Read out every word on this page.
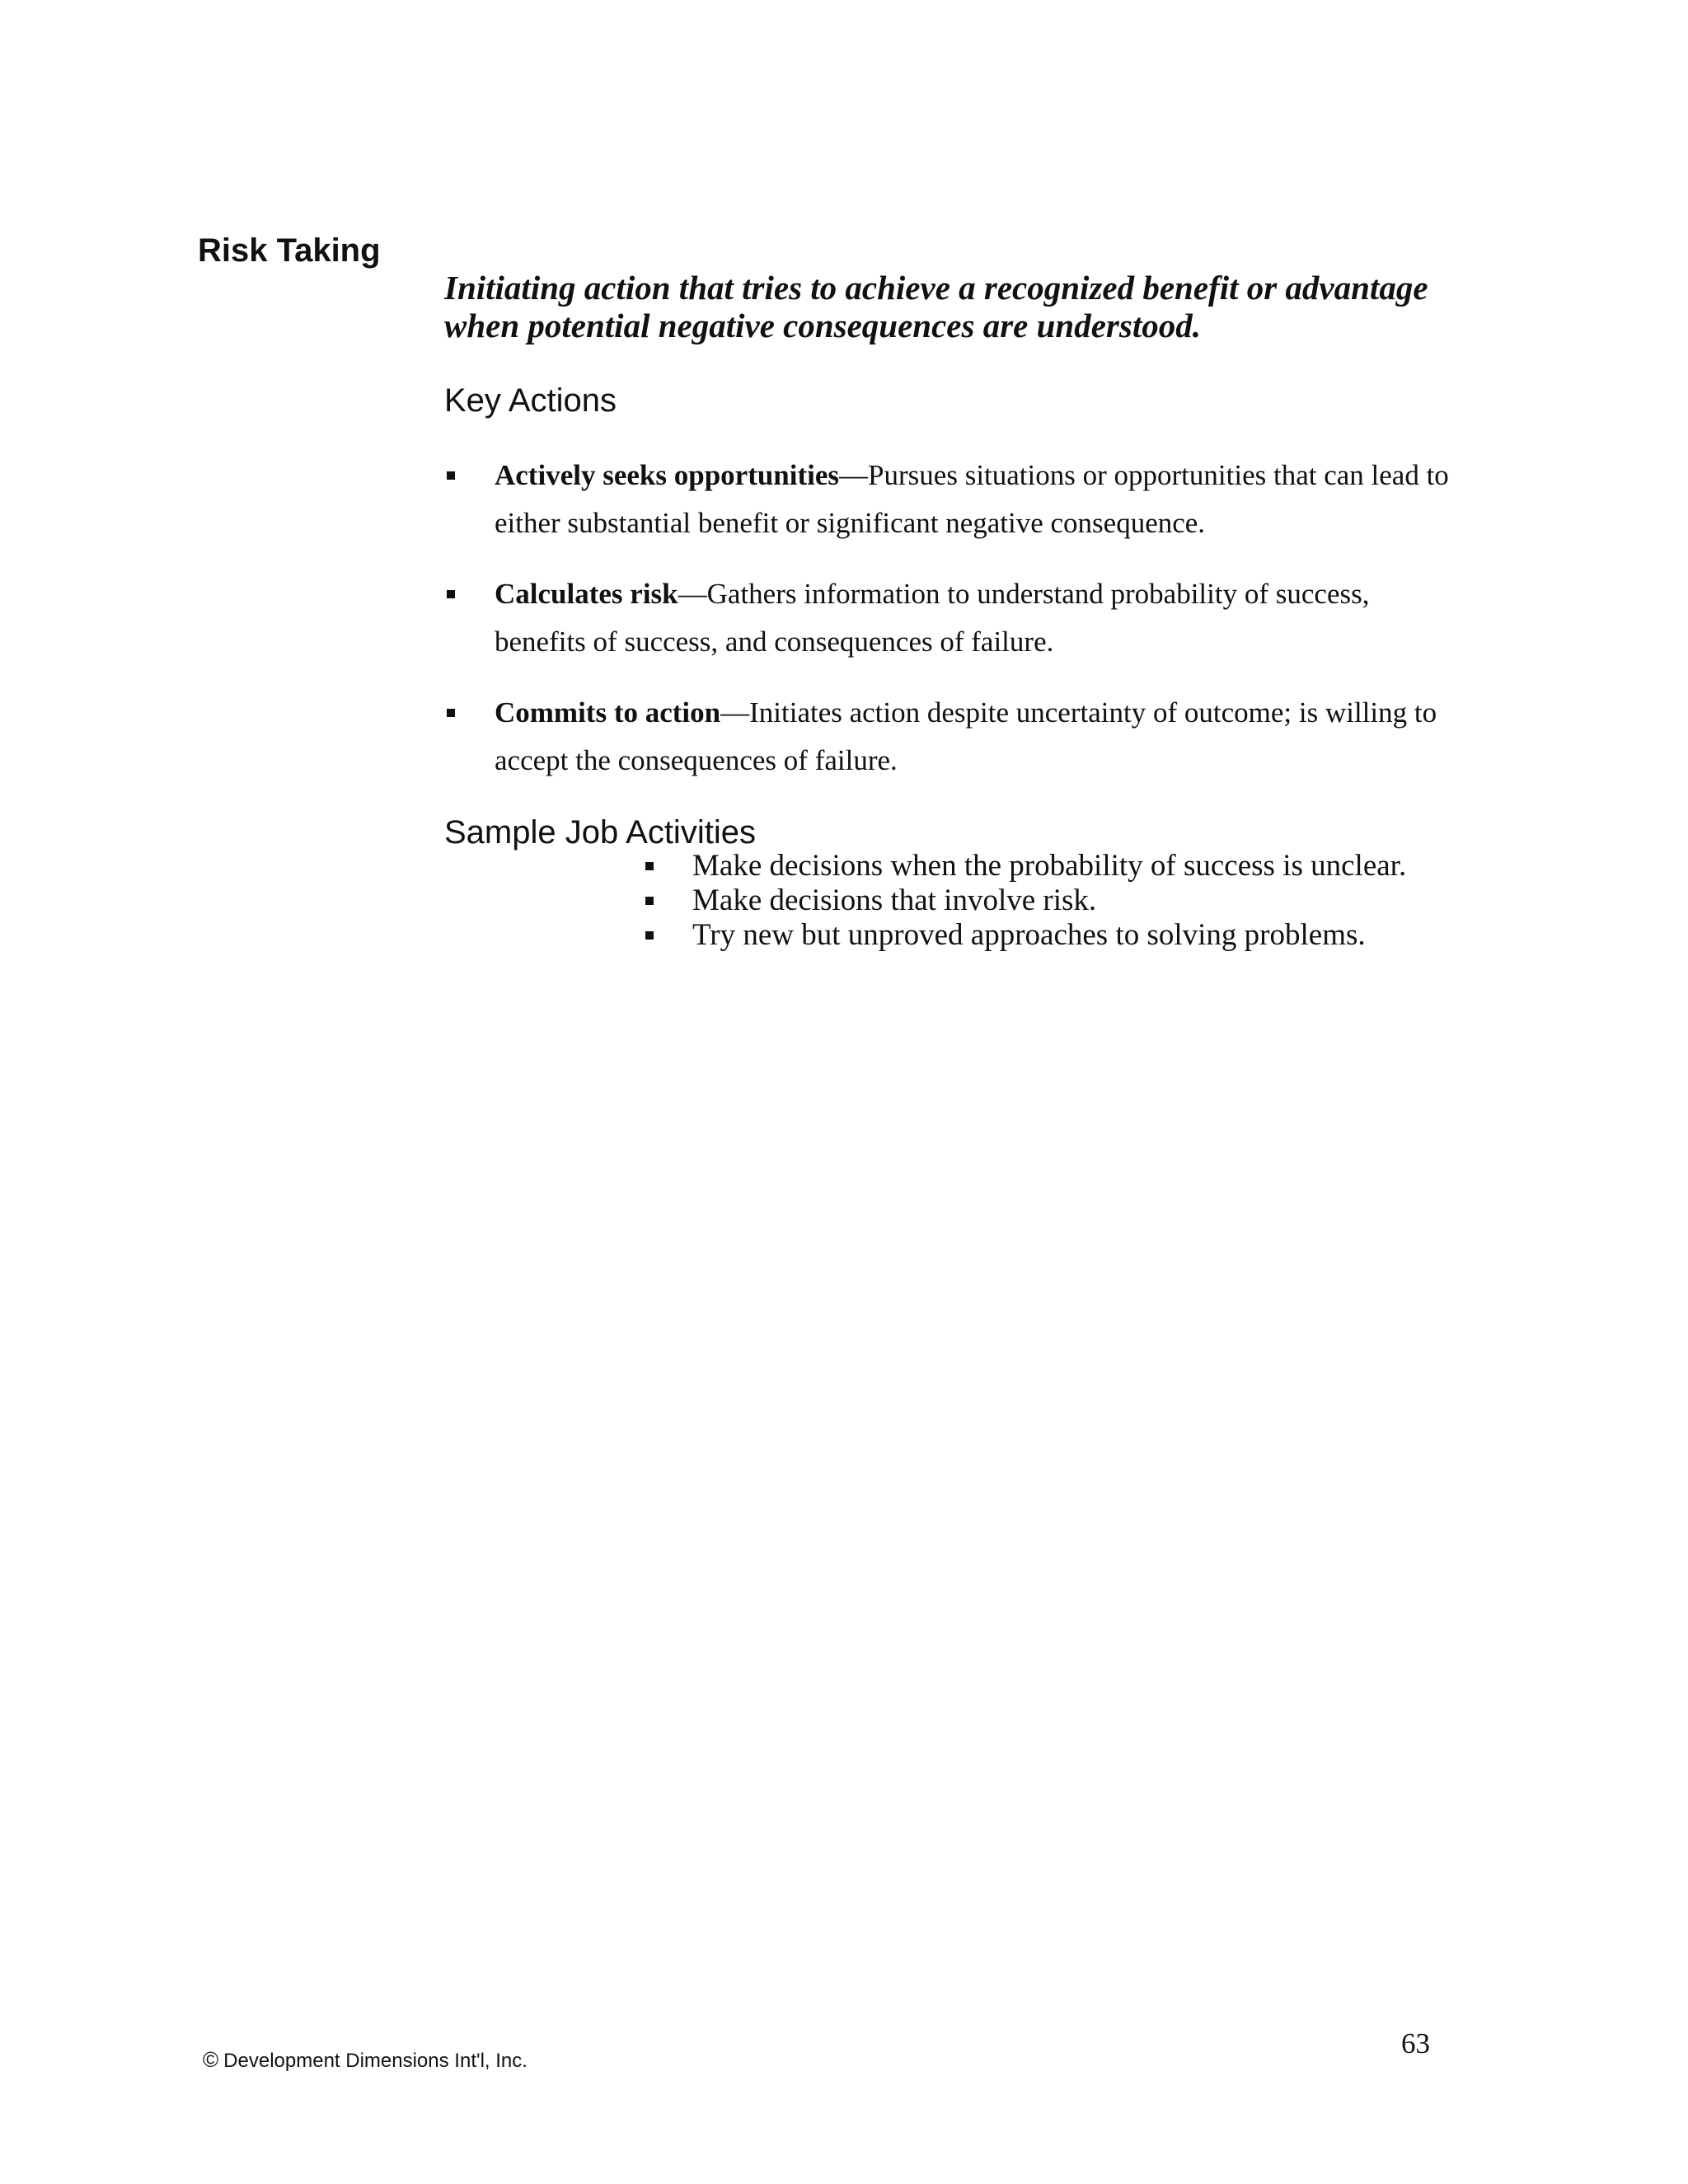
Risk Taking

Initiating action that tries to achieve a recognized benefit or advantage when potential negative consequences are understood.

Key Actions
Actively seeks opportunities—Pursues situations or opportunities that can lead to either substantial benefit or significant negative consequence.
Calculates risk—Gathers information to understand probability of success, benefits of success, and consequences of failure.
Commits to action—Initiates action despite uncertainty of outcome; is willing to accept the consequences of failure.
Sample Job Activities
Make decisions when the probability of success is unclear.
Make decisions that involve risk.
Try new but unproved approaches to solving problems.

© Development Dimensions Int'l, Inc.

63
